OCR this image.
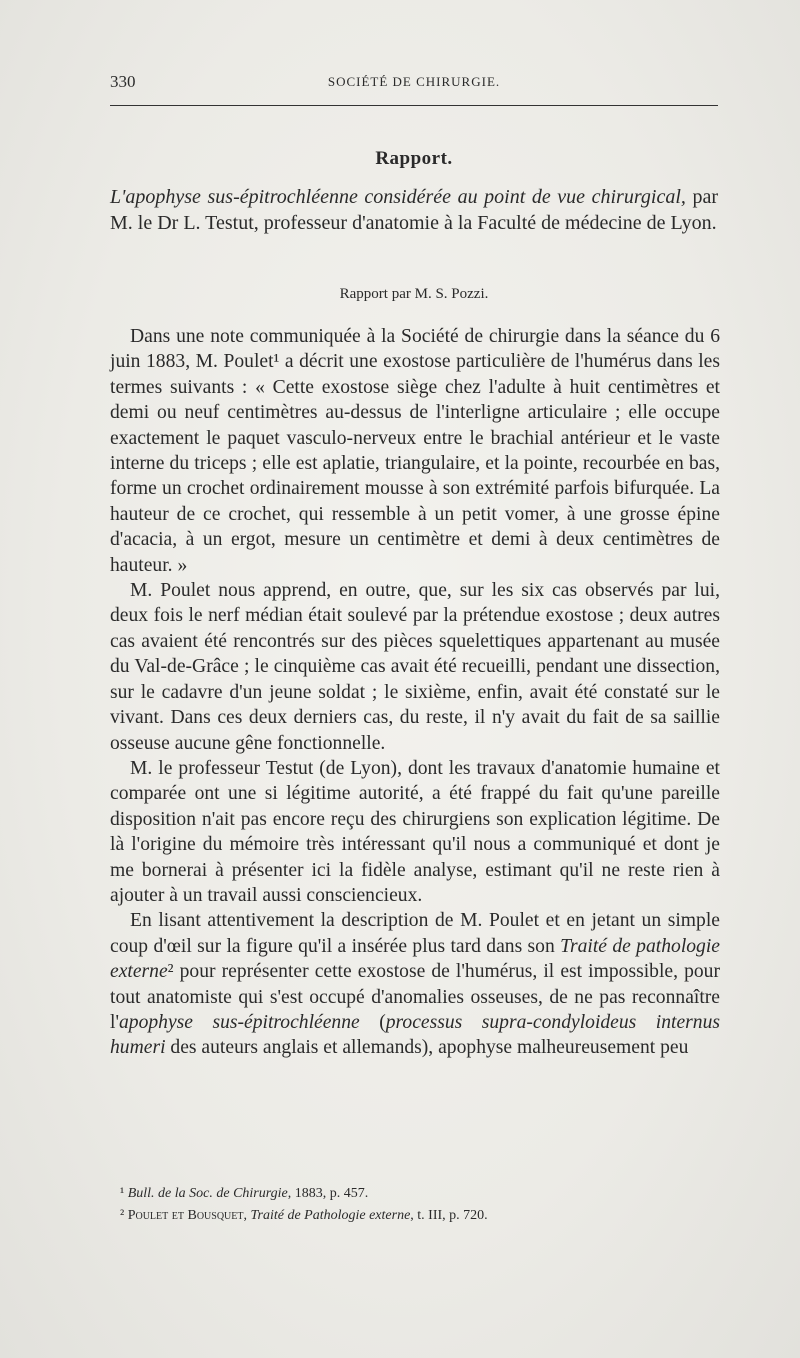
330	SOCIÉTÉ DE CHIRURGIE.
Rapport.
L'apophyse sus-épitrochléenne considérée au point de vue chirurgical, par M. le Dr L. Testut, professeur d'anatomie à la Faculté de médecine de Lyon.
Rapport par M. S. Pozzi.

Dans une note communiquée à la Société de chirurgie dans la séance du 6 juin 1883, M. Poulet¹ a décrit une exostose particulière de l'humérus dans les termes suivants : « Cette exostose siège chez l'adulte à huit centimètres et demi ou neuf centimètres au-dessus de l'interligne articulaire ; elle occupe exactement le paquet vasculo-nerveux entre le brachial antérieur et le vaste interne du triceps ; elle est aplatie, triangulaire, et la pointe, recourbée en bas, forme un crochet ordinairement mousse à son extrémité parfois bifurquée. La hauteur de ce crochet, qui ressemble à un petit vomer, à une grosse épine d'acacia, à un ergot, mesure un centimètre et demi à deux centimètres de hauteur. »

M. Poulet nous apprend, en outre, que, sur les six cas observés par lui, deux fois le nerf médian était soulevé par la prétendue exostose ; deux autres cas avaient été rencontrés sur des pièces squelettiques appartenant au musée du Val-de-Grâce ; le cinquième cas avait été recueilli, pendant une dissection, sur le cadavre d'un jeune soldat ; le sixième, enfin, avait été constaté sur le vivant. Dans ces deux derniers cas, du reste, il n'y avait du fait de sa saillie osseuse aucune gêne fonctionnelle.

M. le professeur Testut (de Lyon), dont les travaux d'anatomie humaine et comparée ont une si légitime autorité, a été frappé du fait qu'une pareille disposition n'ait pas encore reçu des chirurgiens son explication légitime. De là l'origine du mémoire très intéressant qu'il nous a communiqué et dont je me bornerai à présenter ici la fidèle analyse, estimant qu'il ne reste rien à ajouter à un travail aussi consciencieux.

En lisant attentivement la description de M. Poulet et en jetant un simple coup d'œil sur la figure qu'il a insérée plus tard dans son Traité de pathologie externe² pour représenter cette exostose de l'humérus, il est impossible, pour tout anatomiste qui s'est occupé d'anomalies osseuses, de ne pas reconnaître l'apophyse sus-épitrochléenne (processus supra-condyloideus internus humeri des auteurs anglais et allemands), apophyse malheureusement peu

¹ Bull. de la Soc. de Chirurgie, 1883, p. 457.
² Poulet et Bousquet, Traité de Pathologie externe, t. III, p. 720.
